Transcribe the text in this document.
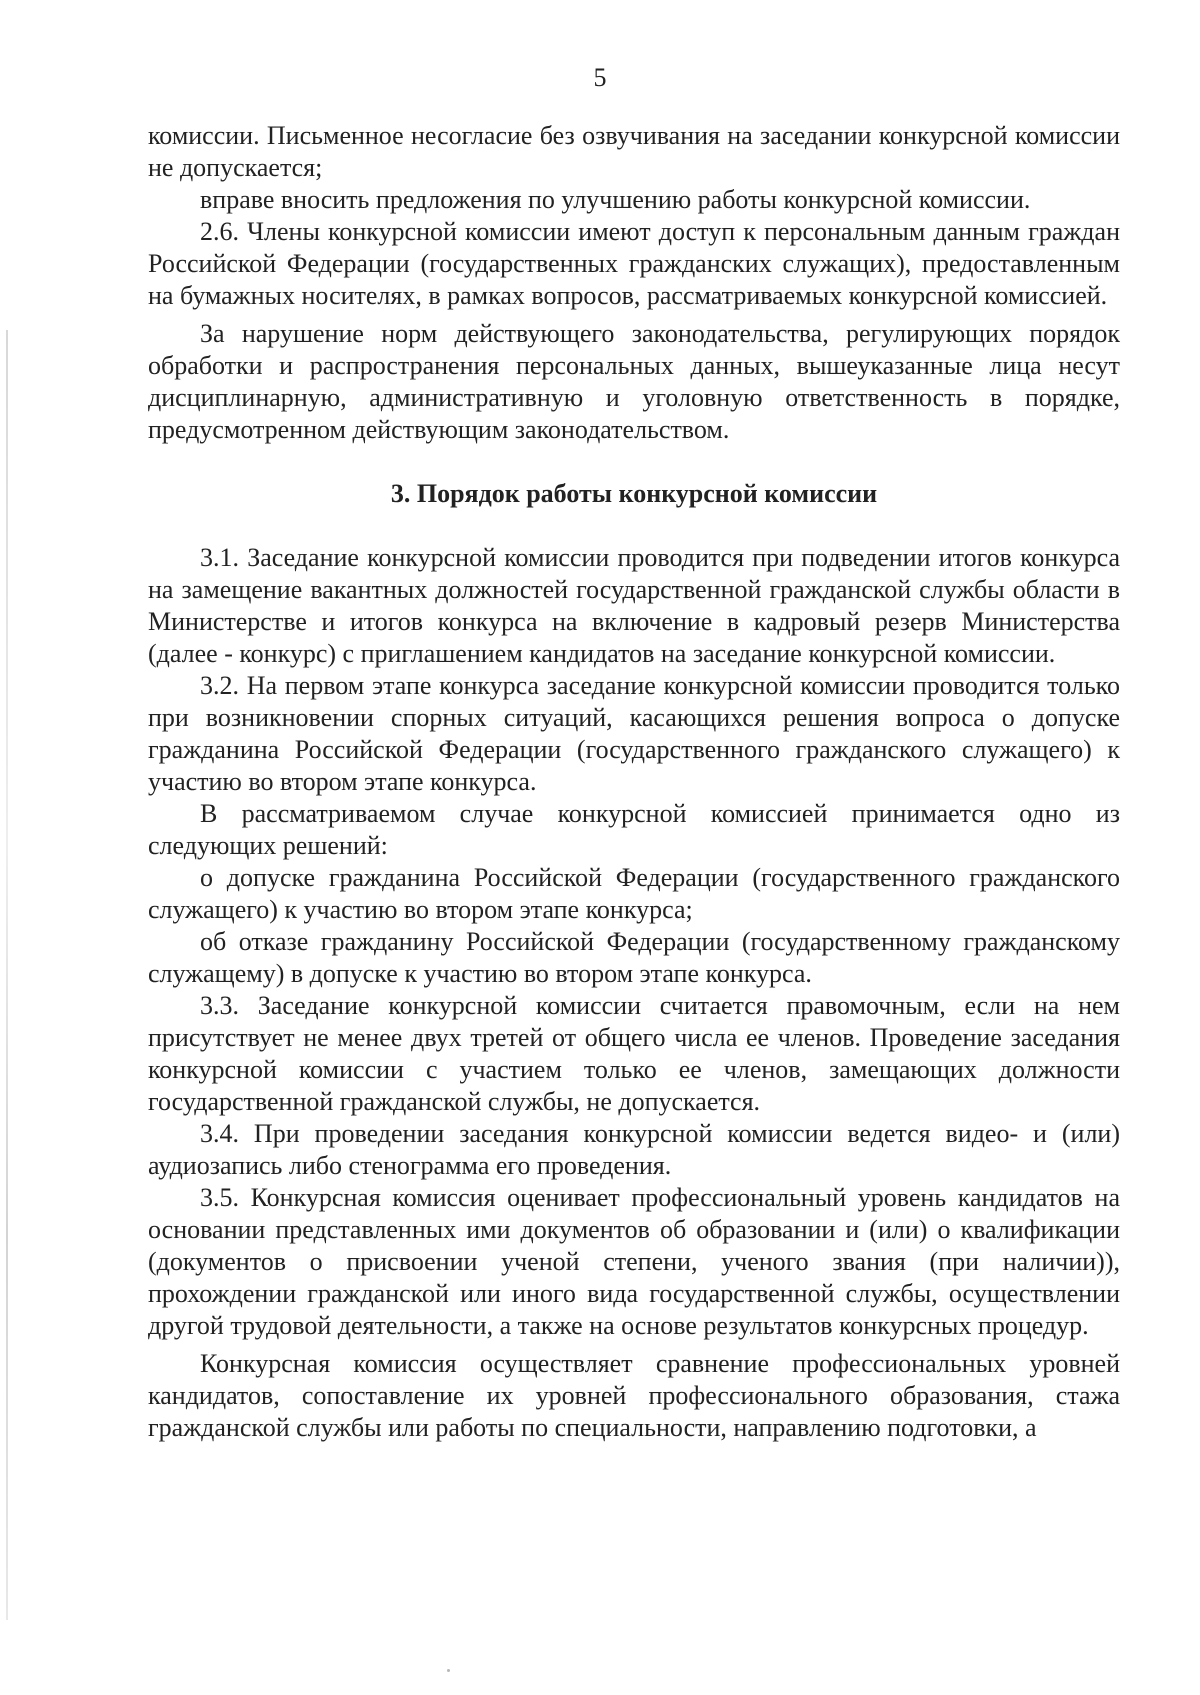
5

комиссии. Письменное несогласие без озвучивания на заседании конкурсной комиссии не допускается;

вправе вносить предложения по улучшению работы конкурсной комиссии.

2.6. Члены конкурсной комиссии имеют доступ к персональным данным граждан Российской Федерации (государственных гражданских служащих), предоставленным на бумажных носителях, в рамках вопросов, рассматриваемых конкурсной комиссией.

За нарушение норм действующего законодательства, регулирующих порядок обработки и распространения персональных данных, вышеуказанные лица несут дисциплинарную, административную и уголовную ответственность в порядке, предусмотренном действующим законодательством.

3. Порядок работы конкурсной комиссии

3.1. Заседание конкурсной комиссии проводится при подведении итогов конкурса на замещение вакантных должностей государственной гражданской службы области в Министерстве и итогов конкурса на включение в кадровый резерв Министерства (далее - конкурс) с приглашением кандидатов на заседание конкурсной комиссии.

3.2. На первом этапе конкурса заседание конкурсной комиссии проводится только при возникновении спорных ситуаций, касающихся решения вопроса о допуске гражданина Российской Федерации (государственного гражданского служащего) к участию во втором этапе конкурса.

В рассматриваемом случае конкурсной комиссией принимается одно из следующих решений:

о допуске гражданина Российской Федерации (государственного гражданского служащего) к участию во втором этапе конкурса;

об отказе гражданину Российской Федерации (государственному гражданскому служащему) в допуске к участию во втором этапе конкурса.

3.3. Заседание конкурсной комиссии считается правомочным, если на нем присутствует не менее двух третей от общего числа ее членов. Проведение заседания конкурсной комиссии с участием только ее членов, замещающих должности государственной гражданской службы, не допускается.

3.4. При проведении заседания конкурсной комиссии ведется видео- и (или) аудиозапись либо стенограмма его проведения.

3.5. Конкурсная комиссия оценивает профессиональный уровень кандидатов на основании представленных ими документов об образовании и (или) о квалификации (документов о присвоении ученой степени, ученого звания (при наличии)), прохождении гражданской или иного вида государственной службы, осуществлении другой трудовой деятельности, а также на основе результатов конкурсных процедур.

Конкурсная комиссия осуществляет сравнение профессиональных уровней кандидатов, сопоставление их уровней профессионального образования, стажа гражданской службы или работы по специальности, направлению подготовки, а
